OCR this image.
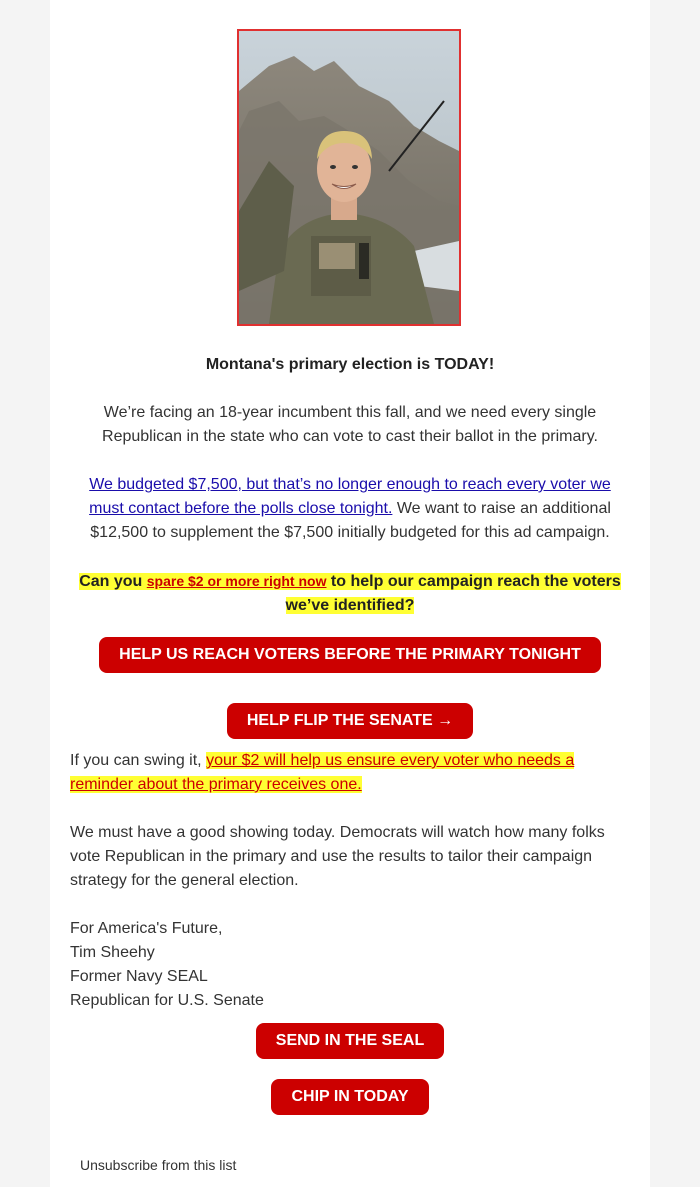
Montana's primary election is TODAY!

We’re facing an 18-year incumbent this fall, and we need every single Republican in the state who can vote to cast their ballot in the primary.

We budgeted $7,500, but that’s no longer enough to reach every voter we must contact before the polls close tonight. We want to raise an additional $12,500 to supplement the $7,500 initially budgeted for this ad campaign.

Can you spare $2 or more right now to help our campaign reach the voters we’ve identified?
HELP US REACH VOTERS BEFORE THE PRIMARY TONIGHT
HELP FLIP THE SENATE →

If you can swing it, your $2 will help us ensure every voter who needs a reminder about the primary receives one.

We must have a good showing today. Democrats will watch how many folks vote Republican in the primary and use the results to tailor their campaign strategy for the general election.

For America's Future,
Tim Sheehy
Former Navy SEAL
Republican for U.S. Senate
SEND IN THE SEAL
CHIP IN TODAY
Unsubscribe from this list
